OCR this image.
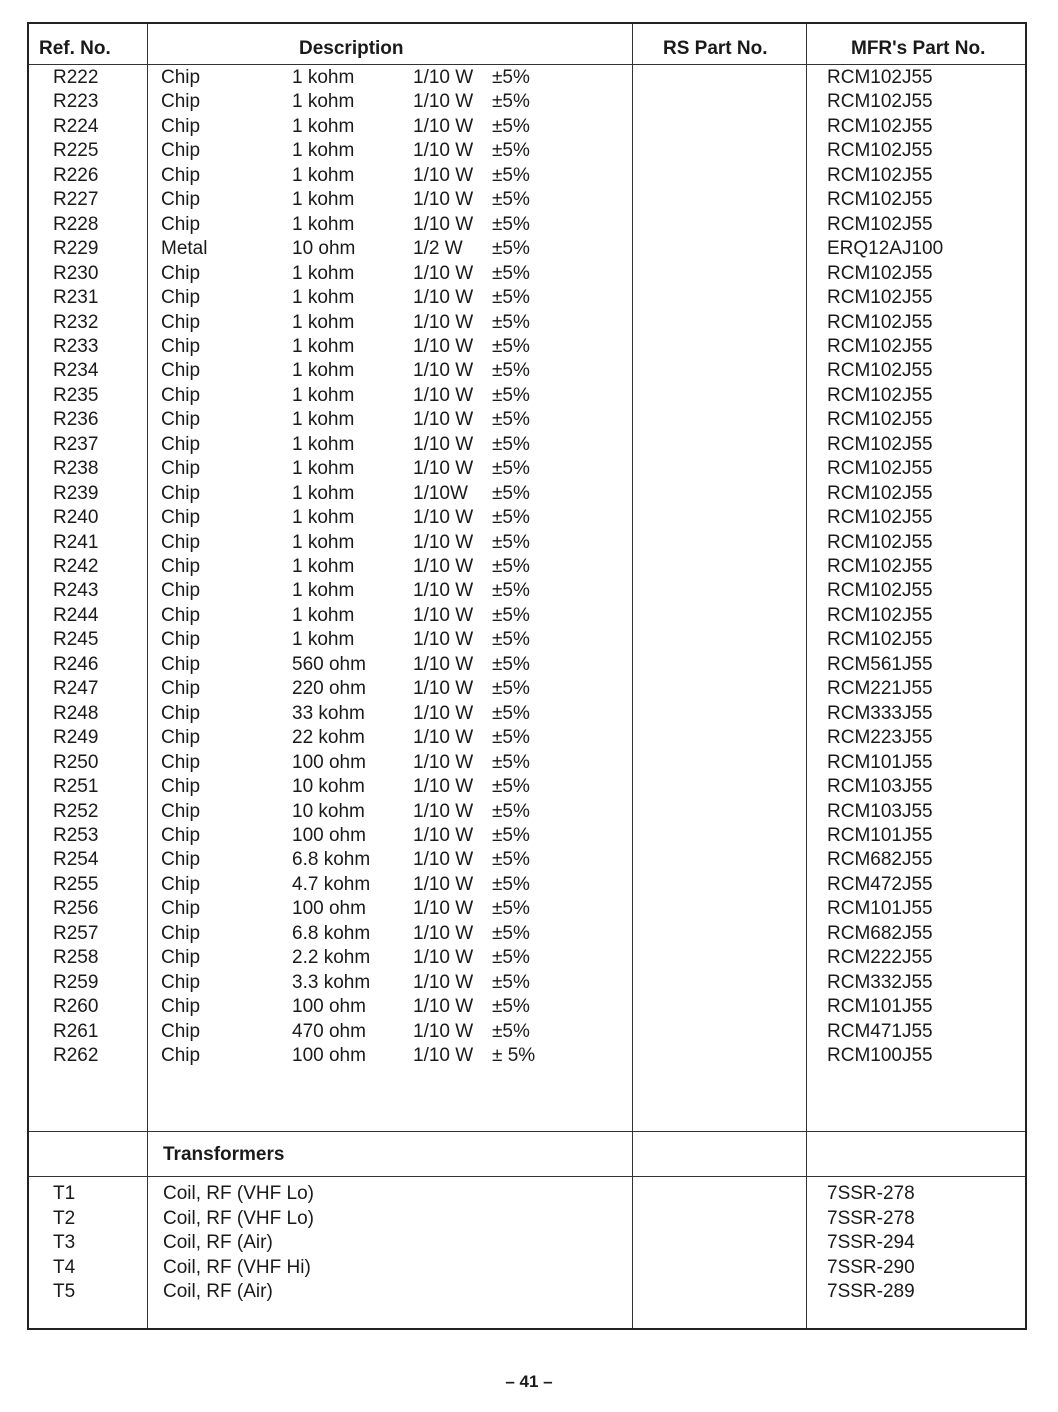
Ref. No.	Description	RS Part No.	MFR's Part No.
R222	Chip	1 kohm	1/10 W ±5%	RCM102J55
R223	Chip	1 kohm	1/10 W ±5%	RCM102J55
R224	Chip	1 kohm	1/10 W ±5%	RCM102J55
R225	Chip	1 kohm	1/10 W ±5%	RCM102J55
R226	Chip	1 kohm	1/10 W ±5%	RCM102J55
R227	Chip	1 kohm	1/10 W ±5%	RCM102J55
R228	Chip	1 kohm	1/10 W ±5%	RCM102J55
R229	Metal	10 ohm	1/2 W ±5%	ERQ12AJ100
R230	Chip	1 kohm	1/10 W ±5%	RCM102J55
R231	Chip	1 kohm	1/10 W ±5%	RCM102J55
R232	Chip	1 kohm	1/10 W ±5%	RCM102J55
R233	Chip	1 kohm	1/10 W ±5%	RCM102J55
R234	Chip	1 kohm	1/10 W ±5%	RCM102J55
R235	Chip	1 kohm	1/10 W ±5%	RCM102J55
R236	Chip	1 kohm	1/10 W ±5%	RCM102J55
R237	Chip	1 kohm	1/10 W ±5%	RCM102J55
R238	Chip	1 kohm	1/10 W ±5%	RCM102J55
R239	Chip	1 kohm	1/10W ±5%	RCM102J55
R240	Chip	1 kohm	1/10 W ±5%	RCM102J55
R241	Chip	1 kohm	1/10 W ±5%	RCM102J55
R242	Chip	1 kohm	1/10 W ±5%	RCM102J55
R243	Chip	1 kohm	1/10 W ±5%	RCM102J55
R244	Chip	1 kohm	1/10 W ±5%	RCM102J55
R245	Chip	1 kohm	1/10 W ±5%	RCM102J55
R246	Chip	560 ohm 1/10 W ±5%	RCM561J55
R247	Chip	220 ohm 1/10 W ±5%	RCM221J55
R248	Chip	33 kohm	1/10 W ±5%	RCM333J55
R249	Chip	22 kohm	1/10 W ±5%	RCM223J55
R250	Chip	100 ohm 1/10 W ±5%	RCM101J55
R251	Chip	10 kohm	1/10 W ±5%	RCM103J55
R252	Chip	10 kohm	1/10 W ±5%	RCM103J55
R253	Chip	100 ohm 1/10 W ±5%	RCM101J55
R254	Chip	6.8 kohm 1/10 W ±5%	RCM682J55
R255	Chip	4.7 kohm 1/10 W ±5%	RCM472J55
R256	Chip	100 ohm 1/10 W ±5%	RCM101J55
R257	Chip	6.8 kohm 1/10 W ±5%	RCM682J55
R258	Chip	2.2 kohm 1/10 W ±5%	RCM222J55
R259	Chip	3.3 kohm 1/10 W ±5%	RCM332J55
R260	Chip	100 ohm 1/10 W ±5%	RCM101J55
R261	Chip	470 ohm 1/10 W ±5%	RCM471J55
R262	Chip	100 ohm 1/10 W ± 5%	RCM100J55
Transformers
T1	Coil, RF (VHF Lo)	7SSR-278
T2	Coil, RF (VHF Lo)	7SSR-278
T3	Coil, RF (Air)	7SSR-294
T4	Coil, RF (VHF Hi)	7SSR-290
T5	Coil, RF (Air)	7SSR-289
– 41 –
